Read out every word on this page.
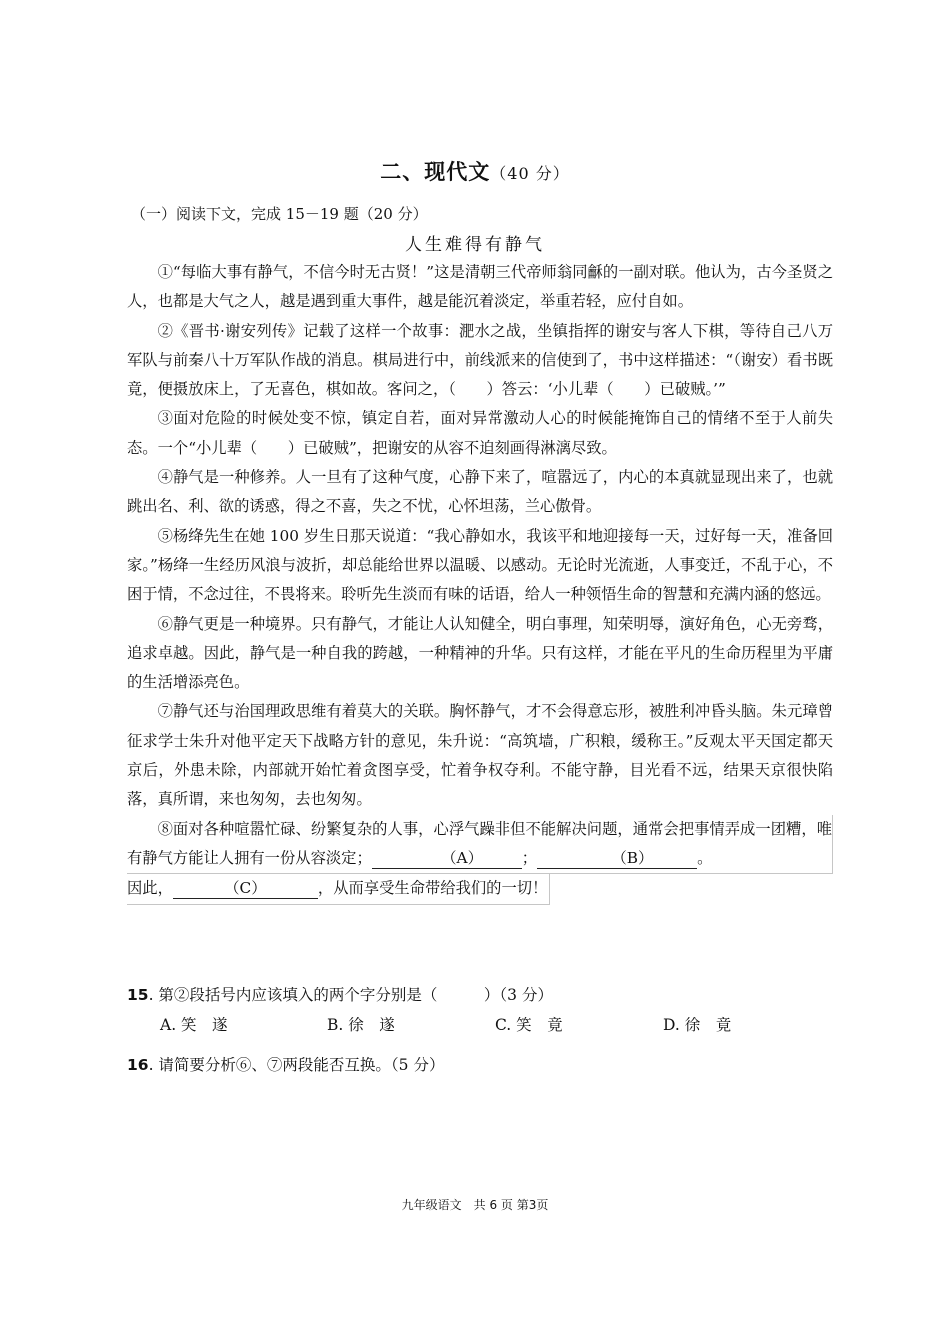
二、现代文（40 分）
（一）阅读下文，完成 15－19 题（20 分）
人生难得有静气

①“每临大事有静气，不信今时无古贤！”这是清朝三代帝师翁同龢的一副对联。他认为，古今圣贤之人，也都是大气之人，越是遇到重大事件，越是能沉着淡定，举重若轻，应付自如。

②《晋书·谢安列传》记载了这样一个故事：淝水之战，坐镇指挥的谢安与客人下棋，等待自己八万军队与前秦八十万军队作战的消息。棋局进行中，前线派来的信使到了，书中这样描述：“（谢安）看书既竟，便摄放床上，了无喜色，棋如故。客问之，（　　）答云：‘小儿辈（　　）已破贼。’”

③面对危险的时候处变不惊，镇定自若，面对异常激动人心的时候能掩饰自己的情绪不至于人前失态。一个“小儿辈（　　）已破贼”，把谢安的从容不迫刻画得淋漓尽致。

④静气是一种修养。人一旦有了这种气度，心静下来了，喧嚣远了，内心的本真就显现出来了，也就跳出名、利、欲的诱惑，得之不喜，失之不忧，心怀坦荡，兰心傲骨。

⑤杨绛先生在她 100 岁生日那天说道：“我心静如水，我该平和地迎接每一天，过好每一天，准备回家。”杨绛一生经历风浪与波折，却总能给世界以温暖、以感动。无论时光流逝，人事变迁，不乱于心，不困于情，不念过往，不畏将来。聆听先生淡而有味的话语，给人一种领悟生命的智慧和充满内涵的悠远。

⑥静气更是一种境界。只有静气，才能让人认知健全，明白事理，知荣明辱，演好角色，心无旁骛，追求卓越。因此，静气是一种自我的跨越，一种精神的升华。只有这样，才能在平凡的生命历程里为平庸的生活增添亮色。

⑦静气还与治国理政思维有着莫大的关联。胸怀静气，才不会得意忘形，被胜利冲昏头脑。朱元璋曾征求学士朱升对他平定天下战略方针的意见，朱升说：“高筑墙，广积粮，缓称王。”反观太平天国定都天京后，外患未除，内部就开始忙着贪图享受，忙着争权夺利。不能守静，目光看不远，结果天京很快陷落，真所谓，来也匆匆，去也匆匆。

⑧面对各种喧嚣忙碌、纷繁复杂的人事，心浮气躁非但不能解决问题，通常会把事情弄成一团糟，唯有静气方能让人拥有一份从容淡定；	（A）	；	（B）	。

因此，	（C）	，从而享受生命带给我们的一切！
15. 第②段括号内应该填入的两个字分别是（　　　）（3 分）
A. 笑　遂	B. 徐　遂	C. 笑　竟	D. 徐　竟
16. 请简要分析⑥、⑦两段能否互换。（5 分）
九年级语文　共 6 页 第3页
